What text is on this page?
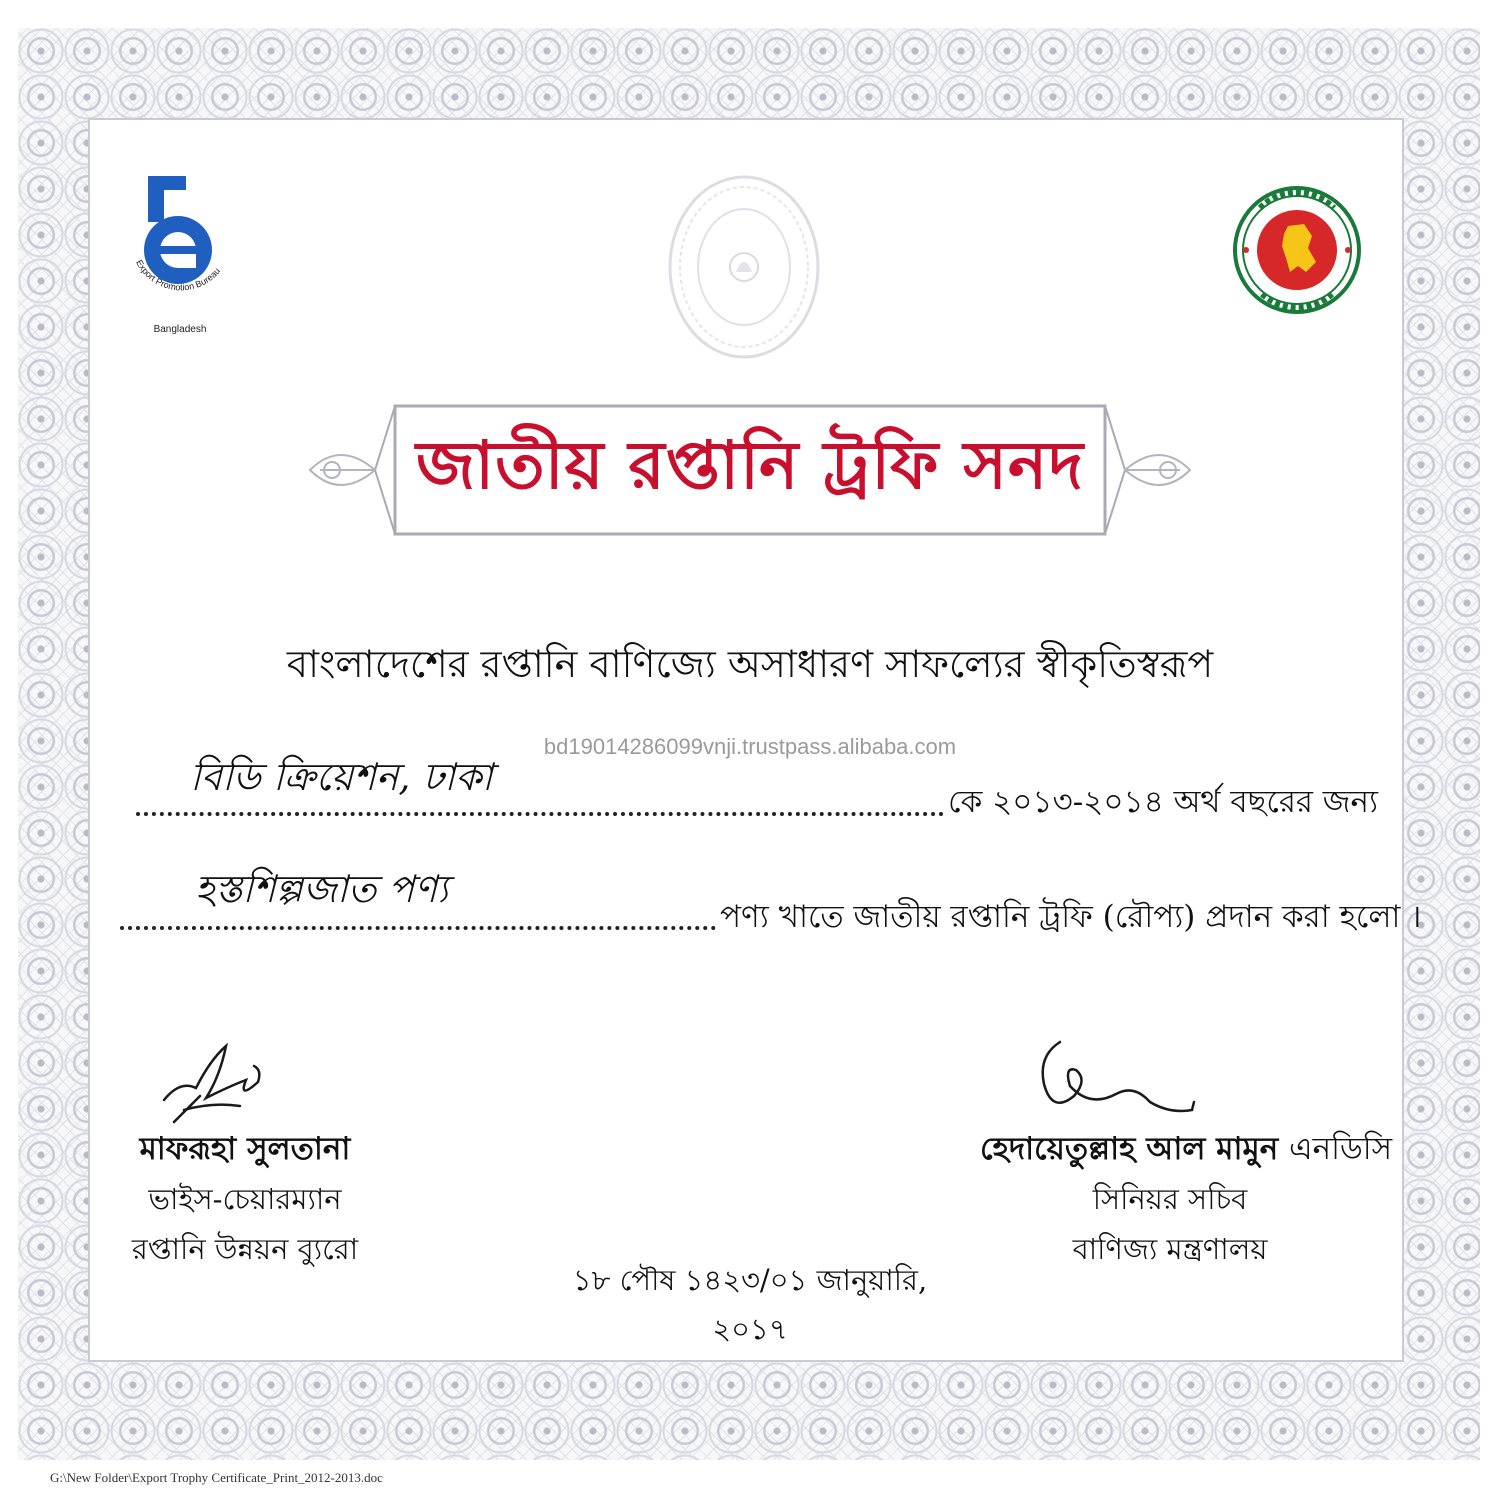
Export Promotion Bureau
Bangladesh
জাতীয় রপ্তানি ট্রফি সনদ
বাংলাদেশের রপ্তানি বাণিজ্যে অসাধারণ সাফল্যের স্বীকৃতিস্বরূপ
bd19014286099vnji.trustpass.alibaba.com
বিডি ক্রিয়েশন, ঢাকা
কে ২০১৩-২০১৪ অর্থ বছরের জন্য
হস্তশিল্পজাত পণ্য
পণ্য খাতে জাতীয় রপ্তানি ট্রফি (রৌপ্য) প্রদান করা হলো ।
মাফরূহা সুলতানা
ভাইস-চেয়ারম্যান
রপ্তানি উন্নয়ন ব্যুরো
হেদায়েতুল্লাহ আল মামুন এনডিসি
সিনিয়র সচিব
বাণিজ্য মন্ত্রণালয়
১৮ পৌষ ১৪২৩/০১ জানুয়ারি, ২০১৭
G:\New Folder\Export Trophy Certificate_Print_2012-2013.doc
